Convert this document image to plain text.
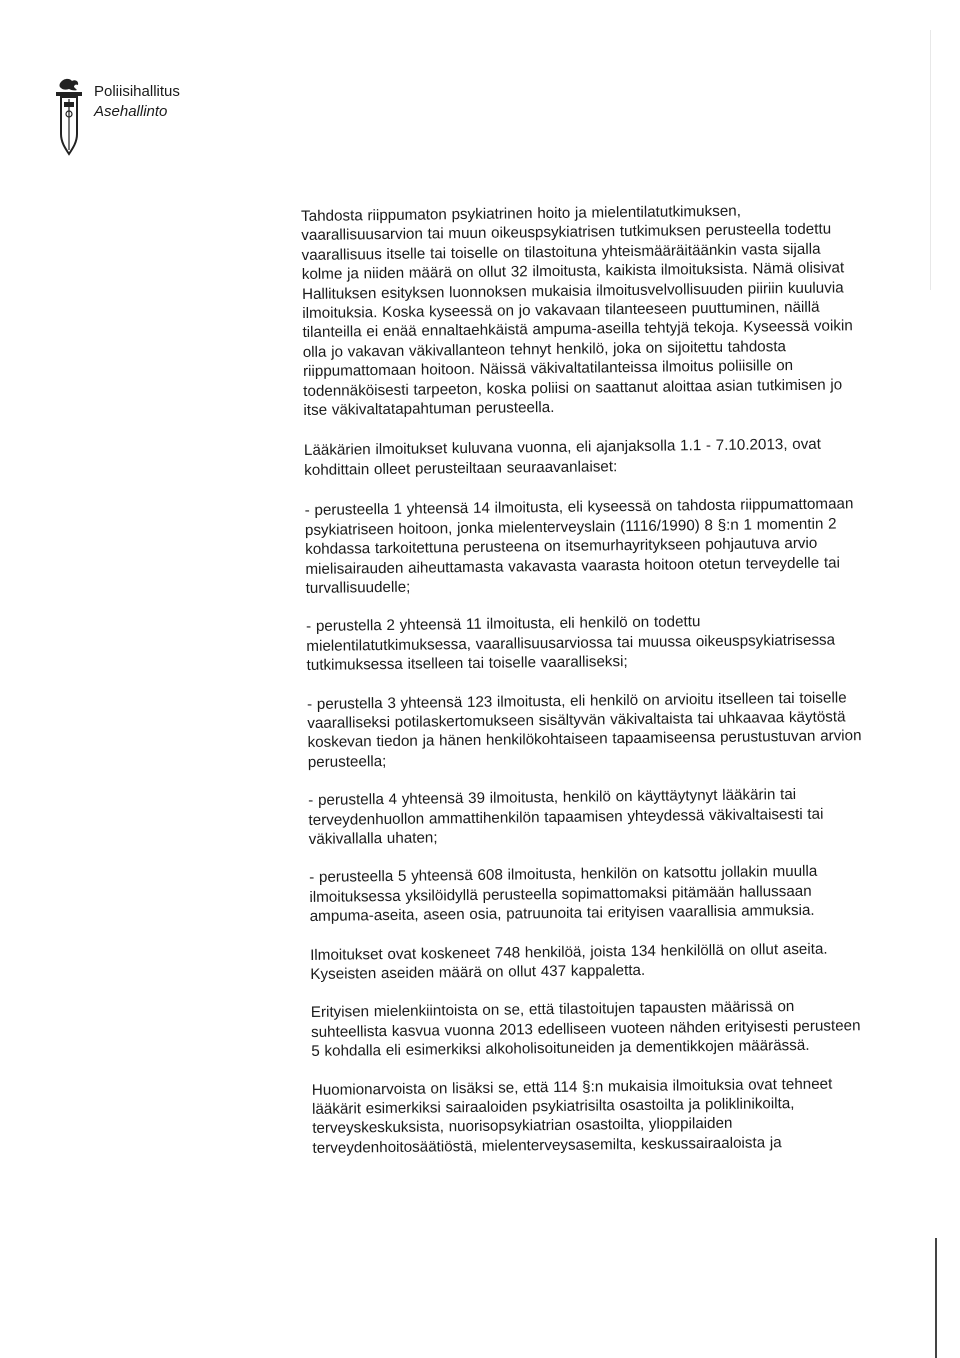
Poliisihallitus
Asehallinto

Tahdosta riippumaton psykiatrinen hoito ja mielentilatutkimuksen, vaarallisuusarvion tai muun oikeuspsykiatrisen tutkimuksen perusteella todettu vaarallisuus itselle tai toiselle on tilastoituna yhteismääräitäänkin vasta sijalla kolme ja niiden määrä on ollut 32 ilmoitusta, kaikista ilmoituksista. Nämä olisivat Hallituksen esityksen luonnoksen mukaisia ilmoitusvelvollisuuden piiriin kuuluvia ilmoituksia. Koska kyseessä on jo vakavaan tilanteeseen puuttuminen, näillä tilanteilla ei enää ennaltaehkäistä ampuma-aseilla tehtyjä tekoja. Kyseessä voikin olla jo vakavan väkivallanteon tehnyt henkilö, joka on sijoitettu tahdosta riippumattomaan hoitoon. Näissä väkivaltatilanteissa ilmoitus poliisille on todennäköisesti tarpeeton, koska poliisi on saattanut aloittaa asian tutkimisen jo itse väkivaltatapahtuman perusteella.

Lääkärien ilmoitukset kuluvana vuonna, eli ajanjaksolla 1.1 - 7.10.2013, ovat kohdittain olleet perusteiltaan seuraavanlaiset:

- perusteella 1 yhteensä 14 ilmoitusta, eli kyseessä on tahdosta riippumattomaan psykiatriseen hoitoon, jonka mielenterveyslain (1116/1990) 8 §:n 1 momentin 2 kohdassa tarkoitettuna perusteena on itsemurhayritykseen pohjautuva arvio mielisairauden aiheuttamasta vakavasta vaarasta hoitoon otetun terveydelle tai turvallisuudelle;

- perustella 2 yhteensä 11 ilmoitusta, eli henkilö on todettu mielentilatutkimuksessa, vaarallisuusarviossa tai muussa oikeuspsykiatrisessa tutkimuksessa itselleen tai toiselle vaaralliseksi;

- perustella 3 yhteensä 123 ilmoitusta, eli henkilö on arvioitu itselleen tai toiselle vaaralliseksi potilaskertomukseen sisältyvän väkivaltaista tai uhkaavaa käytöstä koskevan tiedon ja hänen henkilökohtaiseen tapaamiseensa perustustuvan arvion perusteella;

- perustella 4 yhteensä 39 ilmoitusta, henkilö on käyttäytynyt lääkärin tai terveydenhuollon ammattihenkilön tapaamisen yhteydessä väkivaltaisesti tai väkivallalla uhaten;

- perusteella 5 yhteensä 608 ilmoitusta, henkilön on katsottu jollakin muulla ilmoituksessa yksilöidyllä perusteella sopimattomaksi pitämään hallussaan ampuma-aseita, aseen osia, patruunoita tai erityisen vaarallisia ammuksia.

Ilmoitukset ovat koskeneet 748 henkilöä, joista 134 henkilöllä on ollut aseita. Kyseisten aseiden määrä on ollut 437 kappaletta.

Erityisen mielenkiintoista on se, että tilastoitujen tapausten määrissä on suhteellista kasvua vuonna 2013 edelliseen vuoteen nähden erityisesti perusteen 5 kohdalla eli esimerkiksi alkoholisoituneiden ja dementikkojen määrässä.

Huomionarvoista on lisäksi se, että 114 §:n mukaisia ilmoituksia ovat tehneet lääkärit esimerkiksi sairaaloiden psykiatrisilta osastoilta ja poliklinikoilta, terveyskeskuksista, nuorisopsykiatrian osastoilta, ylioppilaiden terveydenhoitosäätiöstä, mielenterveysasemilta, keskussairaaloista ja
